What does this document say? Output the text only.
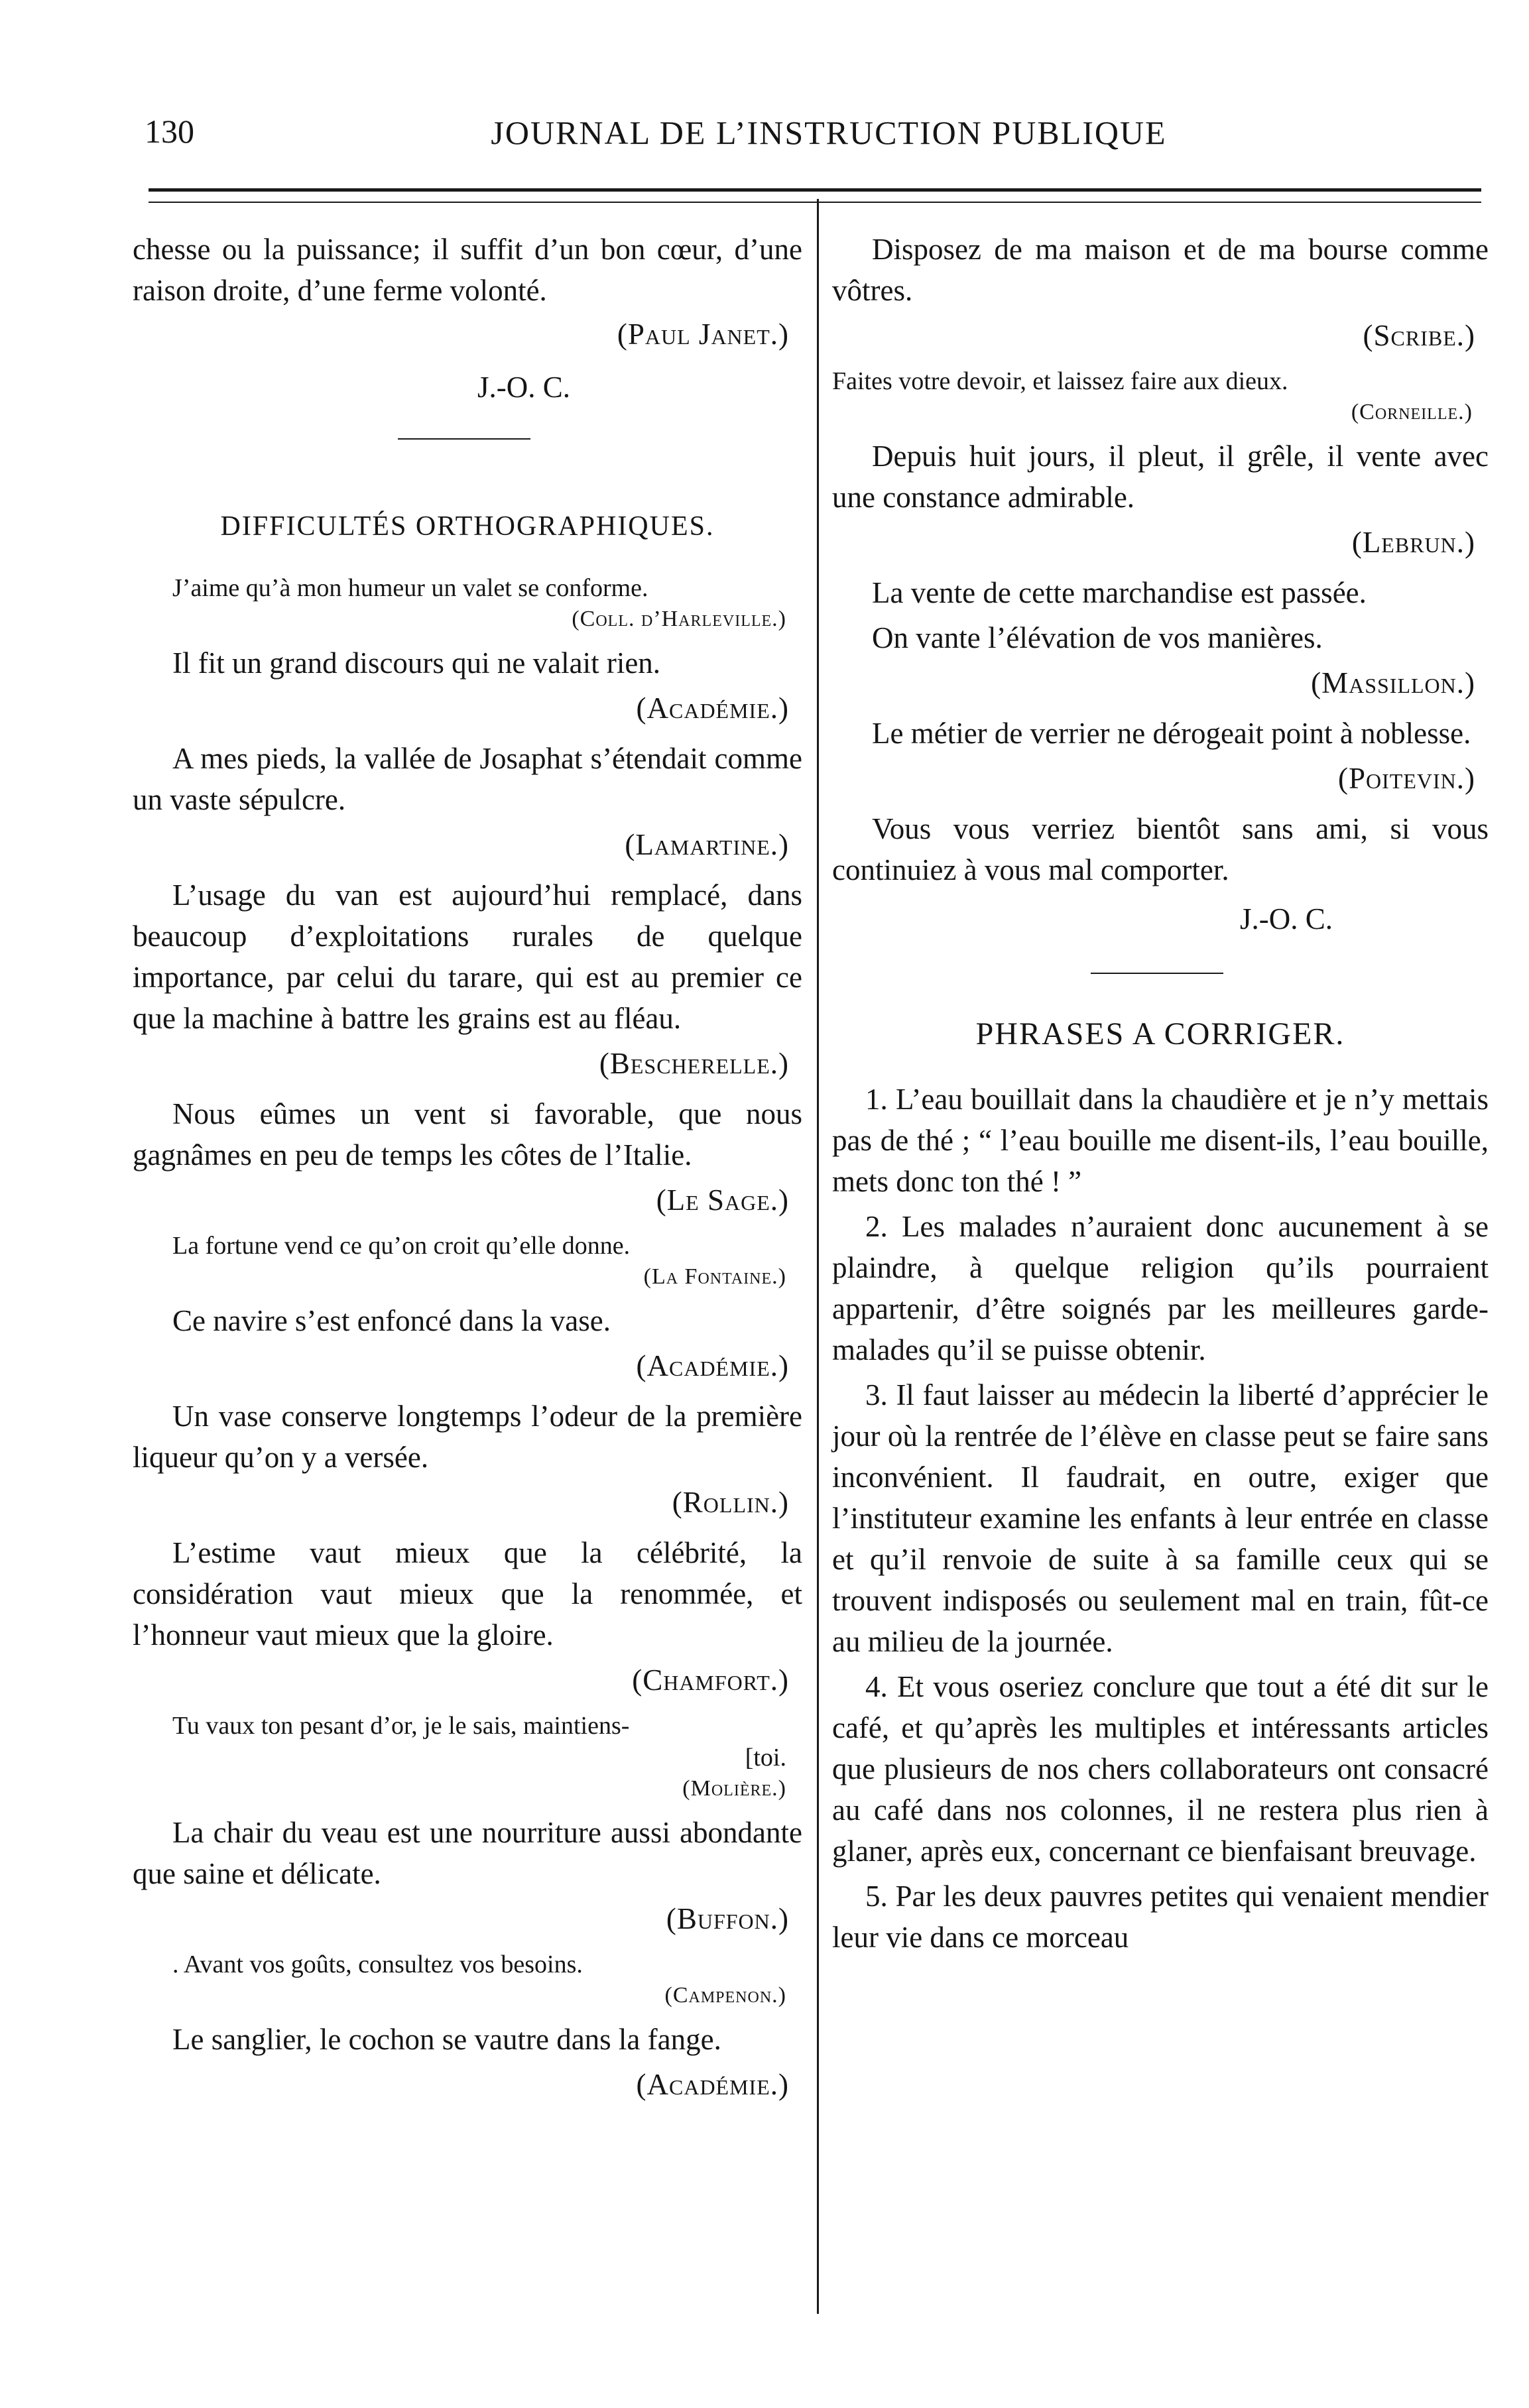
130	JOURNAL DE L’INSTRUCTION PUBLIQUE

chesse ou la puissance; il suffit d’un bon cœur, d’une raison droite, d’une ferme volonté.

(Paul Janet.)
J.-O. C.
DIFFICULTÉS ORTHOGRAPHIQUES.

J’aime qu’à mon humeur un valet se conforme.

(Coll. d’Harleville.)

Il fit un grand discours qui ne valait rien.

(Académie.)

A mes pieds, la vallée de Josaphat s’étendait comme un vaste sépulcre.

(Lamartine.)

L’usage du van est aujourd’hui remplacé, dans beaucoup d’exploitations rurales de quelque importance, par celui du tarare, qui est au premier ce que la machine à battre les grains est au fléau.

(Bescherelle.)

Nous eûmes un vent si favorable, que nous gagnâmes en peu de temps les côtes de l’Italie.

(Le Sage.)

La fortune vend ce qu’on croit qu’elle donne.

(La Fontaine.)

Ce navire s’est enfoncé dans la vase.

(Académie.)

Un vase conserve longtemps l’odeur de la première liqueur qu’on y a versée.

(Rollin.)

L’estime vaut mieux que la célébrité, la considération vaut mieux que la renommée, et l’honneur vaut mieux que la gloire.

(Chamfort.)

Tu vaux ton pesant d’or, je le sais, maintiens-

[toi.

(Molière.)

La chair du veau est une nourriture aussi abondante que saine et délicate.

(Buffon.)

. Avant vos goûts, consultez vos besoins.

(Campenon.)

Le sanglier, le cochon se vautre dans la fange.

(Académie.)

Disposez de ma maison et de ma bourse comme vôtres.

(Scribe.)

Faites votre devoir, et laissez faire aux dieux.

(Corneille.)

Depuis huit jours, il pleut, il grêle, il vente avec une constance admirable.

(Lebrun.)

La vente de cette marchandise est passée.

On vante l’élévation de vos manières.

(Massillon.)

Le métier de verrier ne dérogeait point à noblesse.

(Poitevin.)

Vous vous verriez bientôt sans ami, si vous continuiez à vous mal comporter.

J.-O. C.
PHRASES A CORRIGER.

1. L’eau bouillait dans la chaudière et je n’y mettais pas de thé ; “ l’eau bouille me disent-ils, l’eau bouille, mets donc ton thé ! ”

2. Les malades n’auraient donc aucunement à se plaindre, à quelque religion qu’ils pourraient appartenir, d’être soignés par les meilleures garde-malades qu’il se puisse obtenir.

3. Il faut laisser au médecin la liberté d’apprécier le jour où la rentrée de l’élève en classe peut se faire sans inconvénient. Il faudrait, en outre, exiger que l’instituteur examine les enfants à leur entrée en classe et qu’il renvoie de suite à sa famille ceux qui se trouvent indisposés ou seulement mal en train, fût-ce au milieu de la journée.

4. Et vous oseriez conclure que tout a été dit sur le café, et qu’après les multiples et intéressants articles que plusieurs de nos chers collaborateurs ont consacré au café dans nos colonnes, il ne restera plus rien à glaner, après eux, concernant ce bienfaisant breuvage.

5. Par les deux pauvres petites qui venaient mendier leur vie dans ce morceau
